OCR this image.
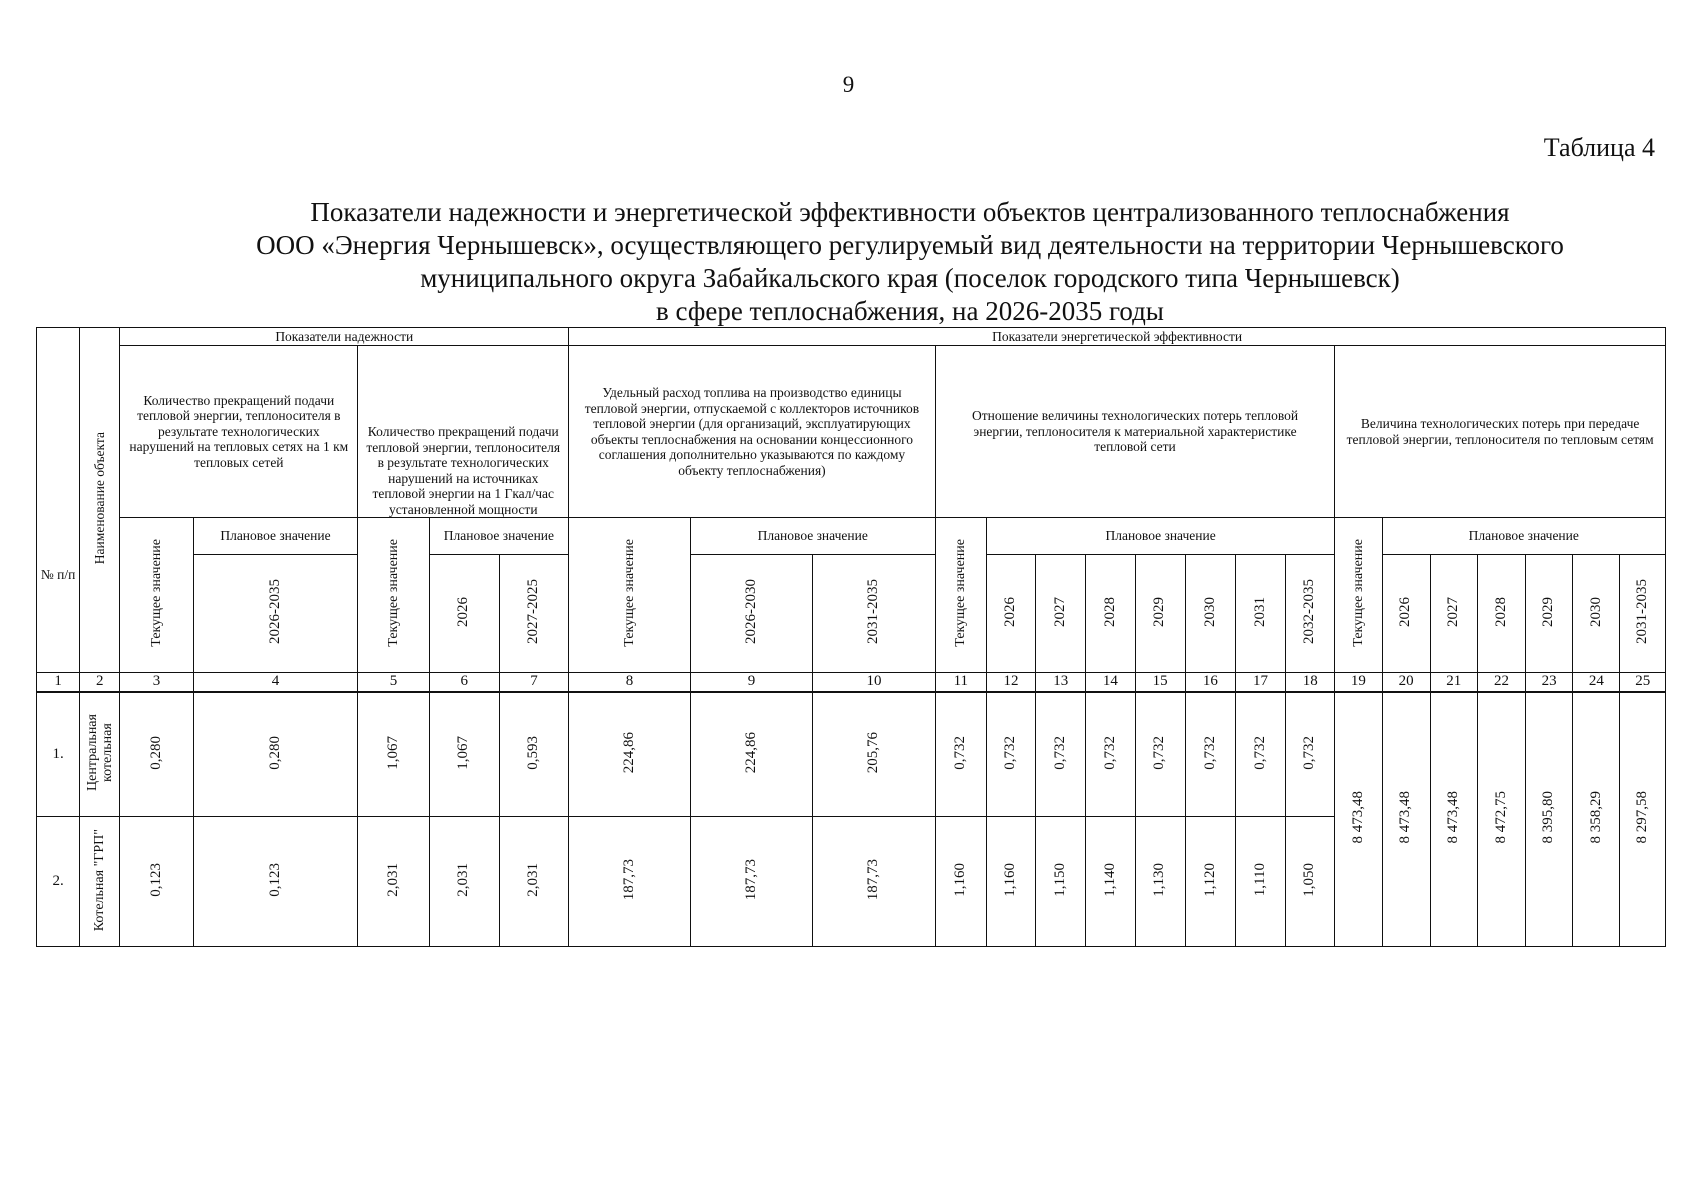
9
Таблица 4
Показатели надежности и энергетической эффективности объектов централизованного теплоснабжения
ООО «Энергия Чернышевск», осуществляющего регулируемый вид деятельности на территории Чернышевского
муниципального округа Забайкальского края (поселок городского типа Чернышевск)
в сфере теплоснабжения, на 2026-2035 годы
№ п/п	Наименование объекта	Показатели надежности					Показатели энергетической эффективности																	
		Количество прекращений подачи тепловой энергии, теплоносителя в результате технологических нарушений на тепловых сетях на 1 км тепловых сетей		Количество прекращений подачи тепловой энергии, теплоносителя в результате технологических нарушений на источниках тепловой энергии на 1 Гкал/час установленной мощности			Удельный расход топлива на производство единицы тепловой энергии, отпускаемой с коллекторов источников тепловой энергии (для организаций, эксплуатирующих объекты теплоснабжения на основании концессионного соглашения дополнительно указываются по каждому объекту теплоснабжения)			Отношение величины технологических потерь тепловой энергии, теплоносителя к материальной характеристике тепловой сети								Величина технологических потерь при передаче тепловой энергии, теплоносителя по тепловым сетям						
		Текущее значение	Плановое значение	Текущее значение	Плановое значение		Текущее значение	Плановое значение		Текущее значение	Плановое значение							Текущее значение	Плановое значение					
			2026-2035		2026	2027-2025		2026-2030	2031-2035		2026	2027	2028	2029	2030	2031	2032-2035		2026	2027	2028	2029	2030	2031-2035
1	2	3	4	5	6	7	8	9	10	11	12	13	14	15	16	17	18	19	20	21	22	23	24	25
1.	Центральная котельная	0,280	0,280	1,067	1,067	0,593	224,86	224,86	205,76	0,732	0,732	0,732	0,732	0,732	0,732	0,732	0,732	8 473,48	8 473,48	8 473,48	8 472,75	8 395,80	8 358,29	8 297,58
2.	Котельная "ГРП"	0,123	0,123	2,031	2,031	2,031	187,73	187,73	187,73	1,160	1,160	1,150	1,140	1,130	1,120	1,110	1,050							
